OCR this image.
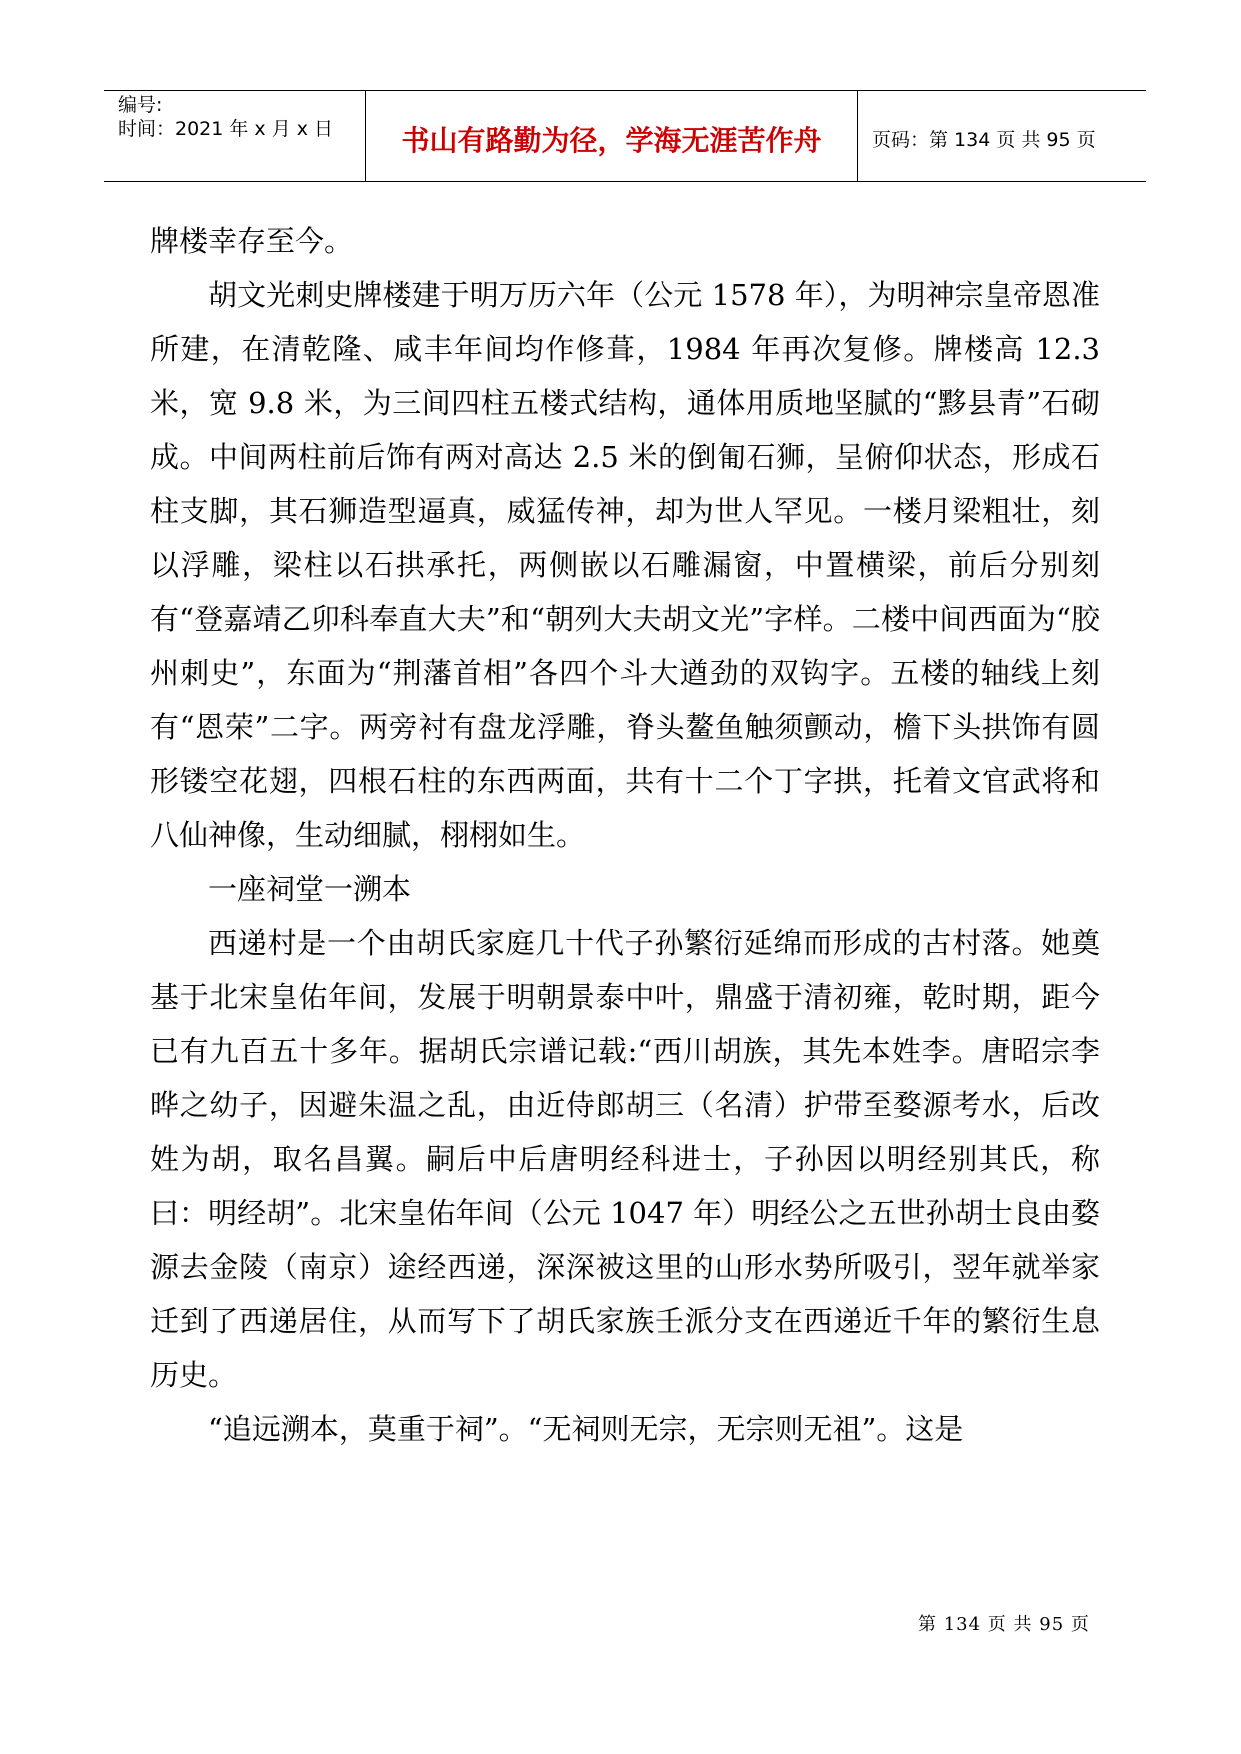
编号:
时间：2021 年 x 月 x 日	书山有路勤为径，学海无涯苦作舟	页码：第 134 页 共 95 页

牌楼幸存至今。

胡文光刺史牌楼建于明万历六年（公元 1578 年），为明神宗皇帝恩准所建，在清乾隆、咸丰年间均作修葺，1984 年再次复修。牌楼高 12.3 米，宽 9.8 米，为三间四柱五楼式结构，通体用质地坚腻的“黟县青”石砌成。中间两柱前后饰有两对高达 2.5 米的倒匍石狮，呈俯仰状态，形成石柱支脚，其石狮造型逼真，威猛传神，却为世人罕见。一楼月梁粗壮，刻以浮雕，梁柱以石拱承托，两侧嵌以石雕漏窗，中置横梁，前后分别刻有“登嘉靖乙卯科奉直大夫”和“朝列大夫胡文光”字样。二楼中间西面为“胶州刺史”，东面为“荆藩首相”各四个斗大遒劲的双钩字。五楼的轴线上刻有“恩荣”二字。两旁衬有盘龙浮雕，脊头鳌鱼触须颤动，檐下头拱饰有圆形镂空花翅，四根石柱的东西两面，共有十二个丁字拱，托着文官武将和八仙神像，生动细腻，栩栩如生。

一座祠堂一溯本

西递村是一个由胡氏家庭几十代子孙繁衍延绵而形成的古村落。她奠基于北宋皇佑年间，发展于明朝景泰中叶，鼎盛于清初雍，乾时期，距今已有九百五十多年。据胡氏宗谱记载:“西川胡族，其先本姓李。唐昭宗李晔之幼子，因避朱温之乱，由近侍郎胡三（名清）护带至婺源考水，后改姓为胡，取名昌翼。嗣后中后唐明经科进士，子孙因以明经别其氏，称曰：明经胡”。北宋皇佑年间（公元 1047 年）明经公之五世孙胡士良由婺源去金陵（南京）途经西递，深深被这里的山形水势所吸引，翌年就举家迁到了西递居住，从而写下了胡氏家族壬派分支在西递近千年的繁衍生息历史。

“追远溯本，莫重于祠”。“无祠则无宗，无宗则无祖”。这是

第 134 页 共 95 页
